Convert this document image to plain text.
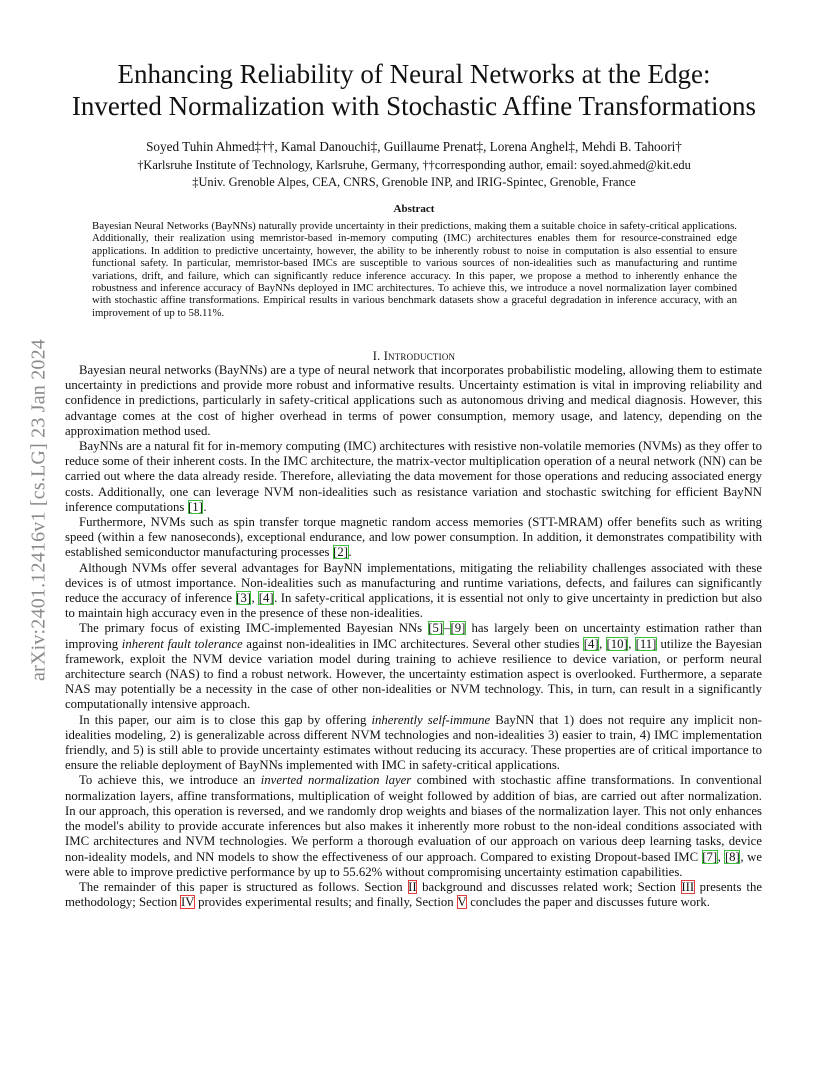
arXiv:2401.12416v1 [cs.LG] 23 Jan 2024
Enhancing Reliability of Neural Networks at the Edge:
Inverted Normalization with Stochastic Affine Transformations
Soyed Tuhin Ahmed‡††, Kamal Danouchi‡, Guillaume Prenat‡, Lorena Anghel‡, Mehdi B. Tahoori†
†Karlsruhe Institute of Technology, Karlsruhe, Germany, ††corresponding author, email: soyed.ahmed@kit.edu
‡Univ. Grenoble Alpes, CEA, CNRS, Grenoble INP, and IRIG-Spintec, Grenoble, France
Abstract
Bayesian Neural Networks (BayNNs) naturally provide uncertainty in their predictions, making them a suitable choice in safety-critical applications. Additionally, their realization using memristor-based in-memory computing (IMC) architectures enables them for resource-constrained edge applications. In addition to predictive uncertainty, however, the ability to be inherently robust to noise in computation is also essential to ensure functional safety. In particular, memristor-based IMCs are susceptible to various sources of non-idealities such as manufacturing and runtime variations, drift, and failure, which can significantly reduce inference accuracy. In this paper, we propose a method to inherently enhance the robustness and inference accuracy of BayNNs deployed in IMC architectures. To achieve this, we introduce a novel normalization layer combined with stochastic affine transformations. Empirical results in various benchmark datasets show a graceful degradation in inference accuracy, with an improvement of up to 58.11%.
I. Introduction

Bayesian neural networks (BayNNs) are a type of neural network that incorporates probabilistic modeling, allowing them to estimate uncertainty in predictions and provide more robust and informative results. Uncertainty estimation is vital in improving reliability and confidence in predictions, particularly in safety-critical applications such as autonomous driving and medical diagnosis. However, this advantage comes at the cost of higher overhead in terms of power consumption, memory usage, and latency, depending on the approximation method used.

BayNNs are a natural fit for in-memory computing (IMC) architectures with resistive non-volatile memories (NVMs) as they offer to reduce some of their inherent costs. In the IMC architecture, the matrix-vector multiplication operation of a neural network (NN) can be carried out where the data already reside. Therefore, alleviating the data movement for those operations and reducing associated energy costs. Additionally, one can leverage NVM non-idealities such as resistance variation and stochastic switching for efficient BayNN inference computations [1].

Furthermore, NVMs such as spin transfer torque magnetic random access memories (STT-MRAM) offer benefits such as writing speed (within a few nanoseconds), exceptional endurance, and low power consumption. In addition, it demonstrates compatibility with established semiconductor manufacturing processes [2].

Although NVMs offer several advantages for BayNN implementations, mitigating the reliability challenges associated with these devices is of utmost importance. Non-idealities such as manufacturing and runtime variations, defects, and failures can significantly reduce the accuracy of inference [3], [4]. In safety-critical applications, it is essential not only to give uncertainty in prediction but also to maintain high accuracy even in the presence of these non-idealities.

The primary focus of existing IMC-implemented Bayesian NNs [5]–[9] has largely been on uncertainty estimation rather than improving inherent fault tolerance against non-idealities in IMC architectures. Several other studies [4], [10], [11] utilize the Bayesian framework, exploit the NVM device variation model during training to achieve resilience to device variation, or perform neural architecture search (NAS) to find a robust network. However, the uncertainty estimation aspect is overlooked. Furthermore, a separate NAS may potentially be a necessity in the case of other non-idealities or NVM technology. This, in turn, can result in a significantly computationally intensive approach.

In this paper, our aim is to close this gap by offering inherently self-immune BayNN that 1) does not require any implicit non-idealities modeling, 2) is generalizable across different NVM technologies and non-idealities 3) easier to train, 4) IMC implementation friendly, and 5) is still able to provide uncertainty estimates without reducing its accuracy. These properties are of critical importance to ensure the reliable deployment of BayNNs implemented with IMC in safety-critical applications.

To achieve this, we introduce an inverted normalization layer combined with stochastic affine transformations. In conventional normalization layers, affine transformations, multiplication of weight followed by addition of bias, are carried out after normalization. In our approach, this operation is reversed, and we randomly drop weights and biases of the normalization layer. This not only enhances the model's ability to provide accurate inferences but also makes it inherently more robust to the non-ideal conditions associated with IMC architectures and NVM technologies. We perform a thorough evaluation of our approach on various deep learning tasks, device non-ideality models, and NN models to show the effectiveness of our approach. Compared to existing Dropout-based IMC [7], [8], we were able to improve predictive performance by up to 55.62% without compromising uncertainty estimation capabilities.

The remainder of this paper is structured as follows. Section II background and discusses related work; Section III presents the methodology; Section IV provides experimental results; and finally, Section V concludes the paper and discusses future work.
